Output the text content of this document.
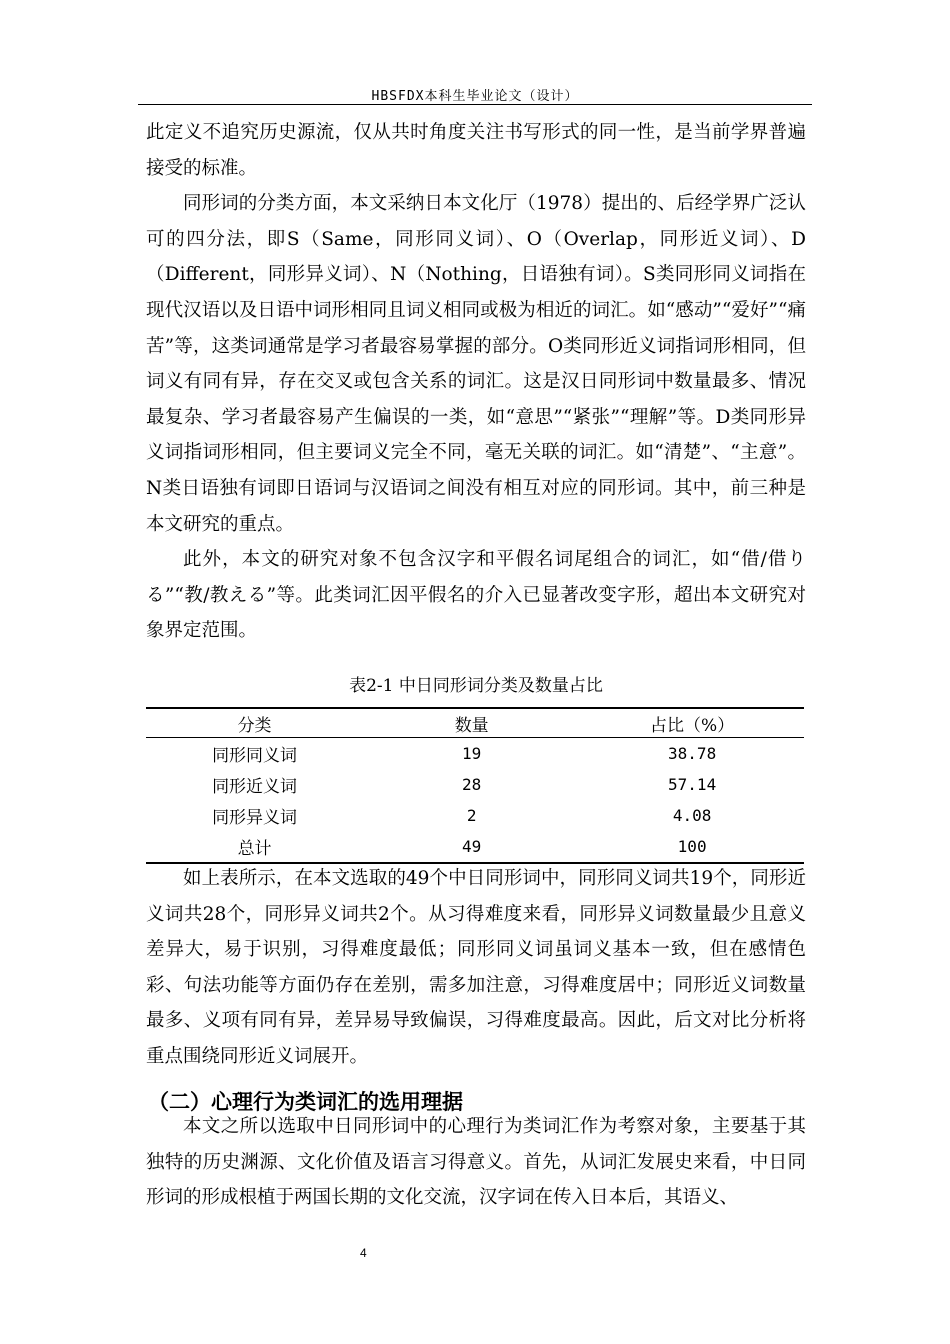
HBSFDX本科生毕业论文（设计）

此定义不追究历史源流，仅从共时角度关注书写形式的同一性，是当前学界普遍接受的标准。

同形词的分类方面，本文采纳日本文化厅（1978）提出的、后经学界广泛认可的四分法，即S（Same，同形同义词）、O（Overlap，同形近义词）、D（Different，同形异义词）、N（Nothing，日语独有词）。S类同形同义词指在现代汉语以及日语中词形相同且词义相同或极为相近的词汇。如“感动”“爱好”“痛苦”等，这类词通常是学习者最容易掌握的部分。O类同形近义词指词形相同，但词义有同有异，存在交叉或包含关系的词汇。这是汉日同形词中数量最多、情况最复杂、学习者最容易产生偏误的一类，如“意思”“紧张”“理解”等。D类同形异义词指词形相同，但主要词义完全不同，毫无关联的词汇。如“清楚”、“主意”。N类日语独有词即日语词与汉语词之间没有相互对应的同形词。其中，前三种是本文研究的重点。

此外，本文的研究对象不包含汉字和平假名词尾组合的词汇，如“借/借りる”“教/教える”等。此类词汇因平假名的介入已显著改变字形，超出本文研究对象界定范围。

表2-1 中日同形词分类及数量占比
分类	数量	占比（%）
同形同义词	19	38.78
同形近义词	28	57.14
同形异义词	2	4.08
总计	49	100

如上表所示，在本文选取的49个中日同形词中，同形同义词共19个，同形近义词共28个，同形异义词共2个。从习得难度来看，同形异义词数量最少且意义差异大，易于识别，习得难度最低；同形同义词虽词义基本一致，但在感情色彩、句法功能等方面仍存在差别，需多加注意，习得难度居中；同形近义词数量最多、义项有同有异，差异易导致偏误，习得难度最高。因此，后文对比分析将重点围绕同形近义词展开。

（二）心理行为类词汇的选用理据

本文之所以选取中日同形词中的心理行为类词汇作为考察对象，主要基于其独特的历史渊源、文化价值及语言习得意义。首先，从词汇发展史来看，中日同形词的形成根植于两国长期的文化交流，汉字词在传入日本后，其语义、

4
